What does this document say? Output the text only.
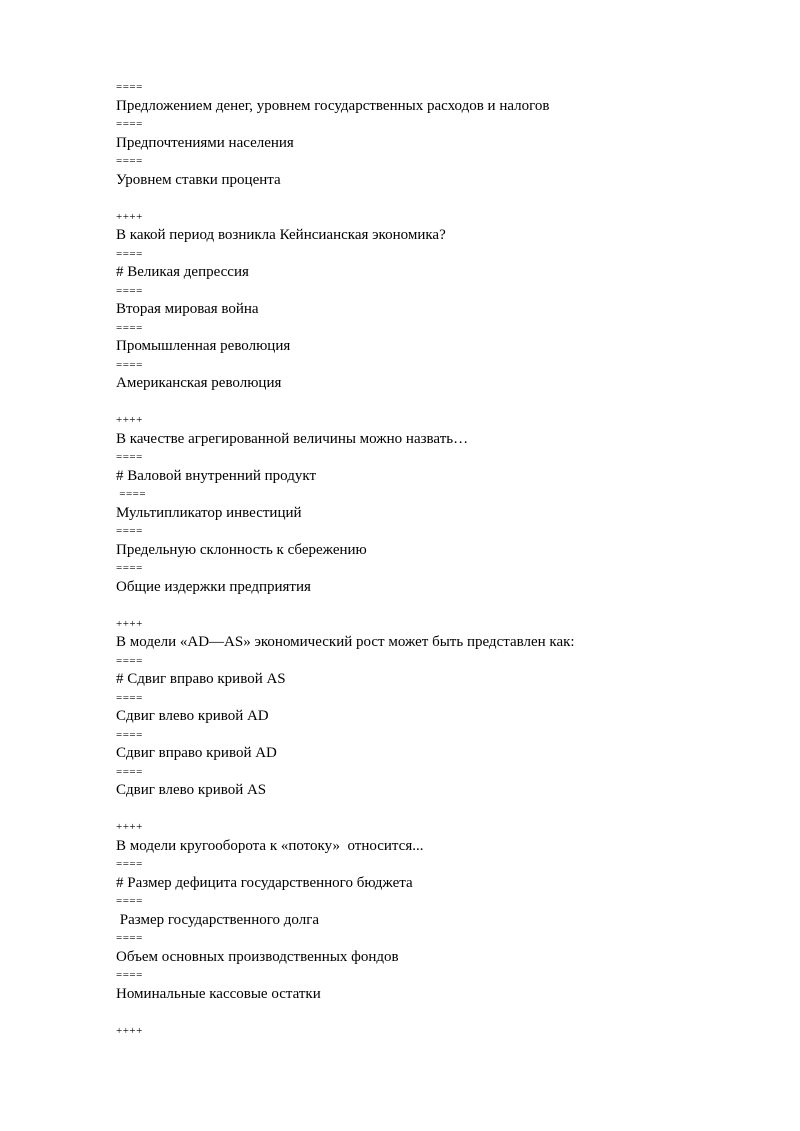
====
Предложением денег, уровнем государственных расходов и налогов
====
Предпочтениями населения
====
Уровнем ставки процента
++++
В какой период возникла Кейнсианская экономика?
====
# Великая депрессия
====
Вторая мировая война
====
Промышленная революция
====
Американская революция
++++
В качестве агрегированной величины можно назвать…
====
# Валовой внутренний продукт
====
Мультипликатор инвестиций
====
Предельную склонность к сбережению
====
Общие издержки предприятия
++++
В модели «AD—AS» экономический рост может быть представлен как:
====
# Сдвиг вправо кривой AS
====
Сдвиг влево кривой AD
====
Сдвиг вправо кривой AD
====
Сдвиг влево кривой AS
++++
В модели кругооборота к «потоку»  относится...
====
# Размер дефицита государственного бюджета
====
Размер государственного долга
====
Объем основных производственных фондов
====
Номинальные кассовые остатки
++++
